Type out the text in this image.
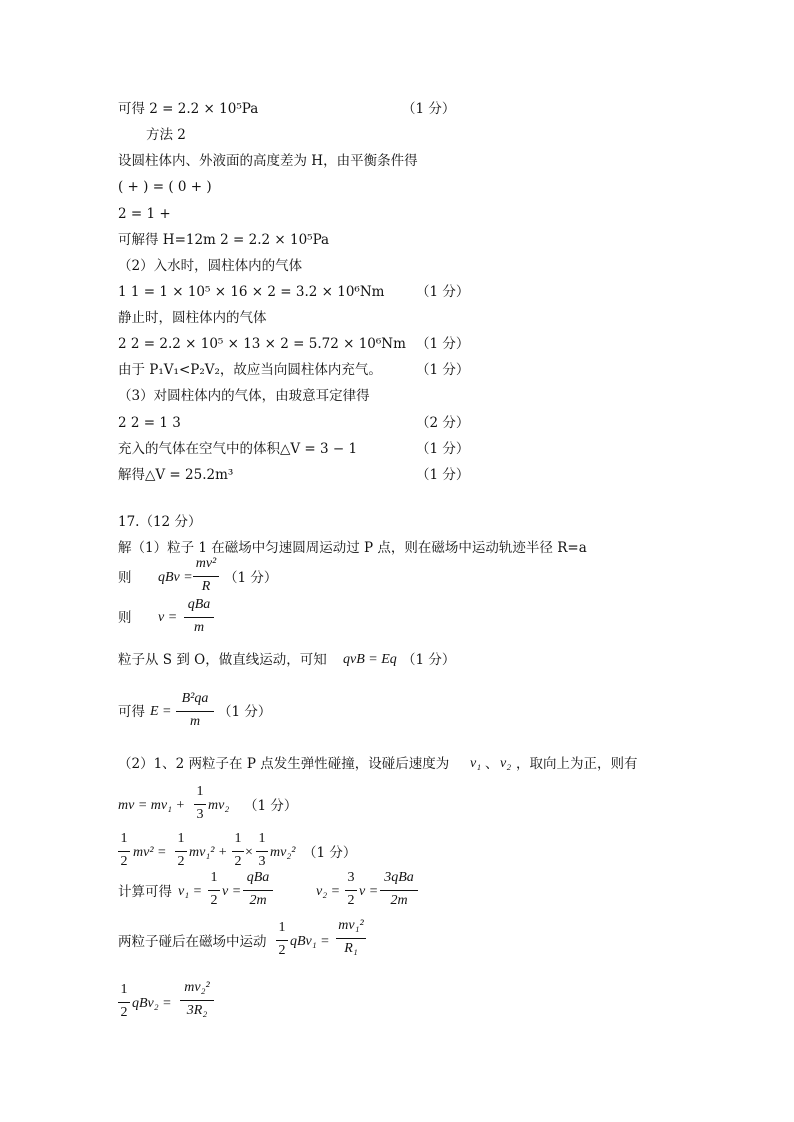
可得 2 = 2.2 × 10⁵Pa	（1 分）
方法 2
设圆柱体内、外液面的高度差为 H，由平衡条件得
( + ) = ( 0 + )
2 = 1 +
可解得 H=12m 2 = 2.2 × 10⁵Pa
（2）入水时，圆柱体内的气体
1 1 = 1 × 10⁵ × 16 × 2 = 3.2 × 10⁶Nm （1 分）
静止时，圆柱体内的气体
2 2 = 2.2 × 10⁵ × 13 × 2 = 5.72 × 10⁶Nm （1 分）
由于 P₁V₁<P₂V₂，故应当向圆柱体内充气。	（1 分）
（3）对圆柱体内的气体，由玻意耳定律得
2 2 = 1 3	（2 分）
充入的气体在空气中的体积△V = 3 − 1	（1 分）
解得△V = 25.2m³	（1 分）
17.（12 分）
解（1）粒子 1 在磁场中匀速圆周运动过 P 点，则在磁场中运动轨迹半径 R=a
则 qBv =
mv²
R
（1 分）
则 v =
qBa
m
粒子从 S 到 O，做直线运动，可知 qvB = Eq （1 分）
可得 E =
B²qa
m
（1 分）
（2）1、2 两粒子在 P 点发生弹性碰撞，设碰后速度为 v₁ 、 v₂ ，取向上为正，则有
mv = mv₁ +
1
3
mv₂ （1 分）
1
2
mv² =
1
2
mv₁² +
1
2
×
1
3
mv₂² （1 分）
计算可得 v₁ =
1
2
v =
qBa
2m
v₂ =
3
2
v =
3qBa
2m
两粒子碰后在磁场中运动
1
2
qBv₁ =
mv₁²
R₁
1
2
qBv₂ =
mv₂²
3R₂
